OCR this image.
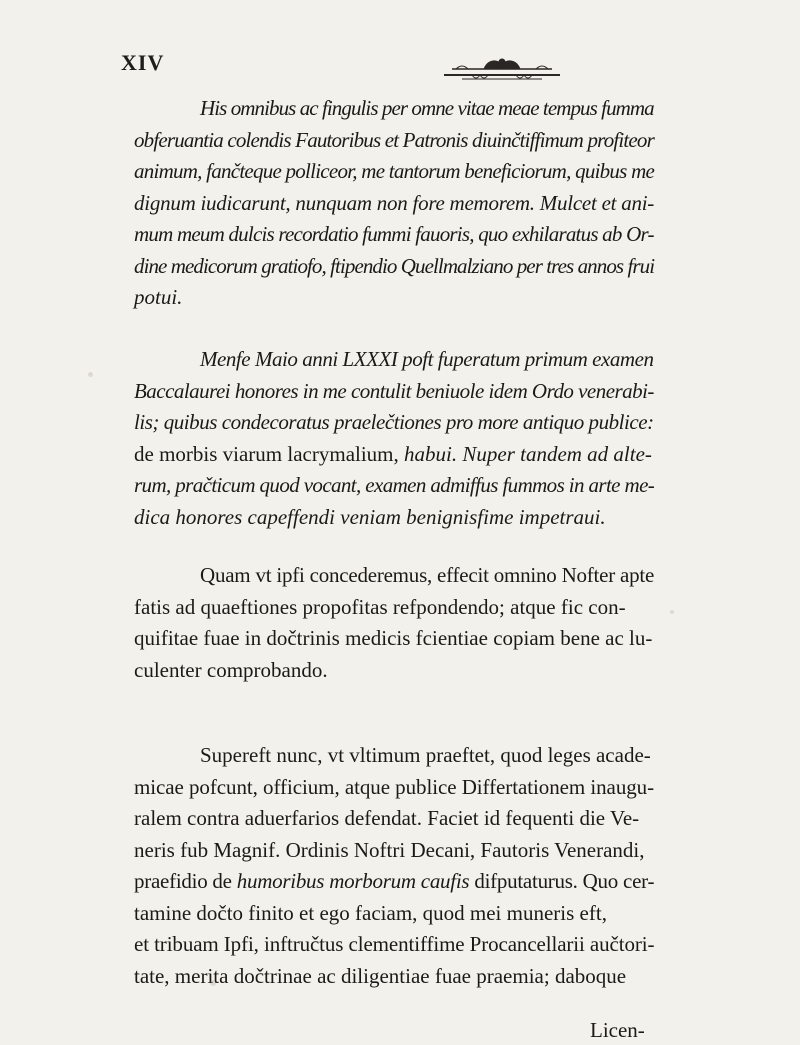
XIV

His omnibus ac fingulis per omne vitae meae tempus fumma
obferuantia colendis Fautoribus et Patronis diuinčtiffimum profiteor
animum, fančteque polliceor, me tantorum beneficiorum, quibus me
dignum iudicarunt, nunquam non fore memorem. Mulcet et ani-
mum meum dulcis recordatio fummi fauoris, quo exhilaratus ab Or-
dine medicorum gratiofo, ftipendio Quellmalziano per tres annos frui
potui.

Menfe Maio anni LXXXI poft fuperatum primum examen
Baccalaurei honores in me contulit beniuole idem Ordo venerabi-
lis; quibus condecoratus praelečtiones pro more antiquo publice:
de morbis viarum lacrymalium, habui. Nuper tandem ad alte-
rum, pračticum quod vocant, examen admiffus fummos in arte me-
dica honores capeffendi veniam benignisfime impetraui.

Quam vt ipfi concederemus, effecit omnino Nofter apte
fatis ad quaeftiones propofitas refpondendo; atque fic con-
quifitae fuae in dočtrinis medicis fcientiae copiam bene ac lu-
culenter comprobando.

Supereft nunc, vt vltimum praeftet, quod leges acade-
micae pofcunt, officium, atque publice Differtationem inaugu-
ralem contra aduerfarios defendat. Faciet id fequenti die Ve-
neris fub Magnif. Ordinis Noftri Decani, Fautoris Venerandi,
praefidio de humoribus morborum caufis difputaturus. Quo cer-
tamine dočto finito et ego faciam, quod mei muneris eft,
et tribuam Ipfi, inftručtus clementiffime Procancellarii aučtori-
tate, merita dočtrinae ac diligentiae fuae praemia; daboque

Licen-
